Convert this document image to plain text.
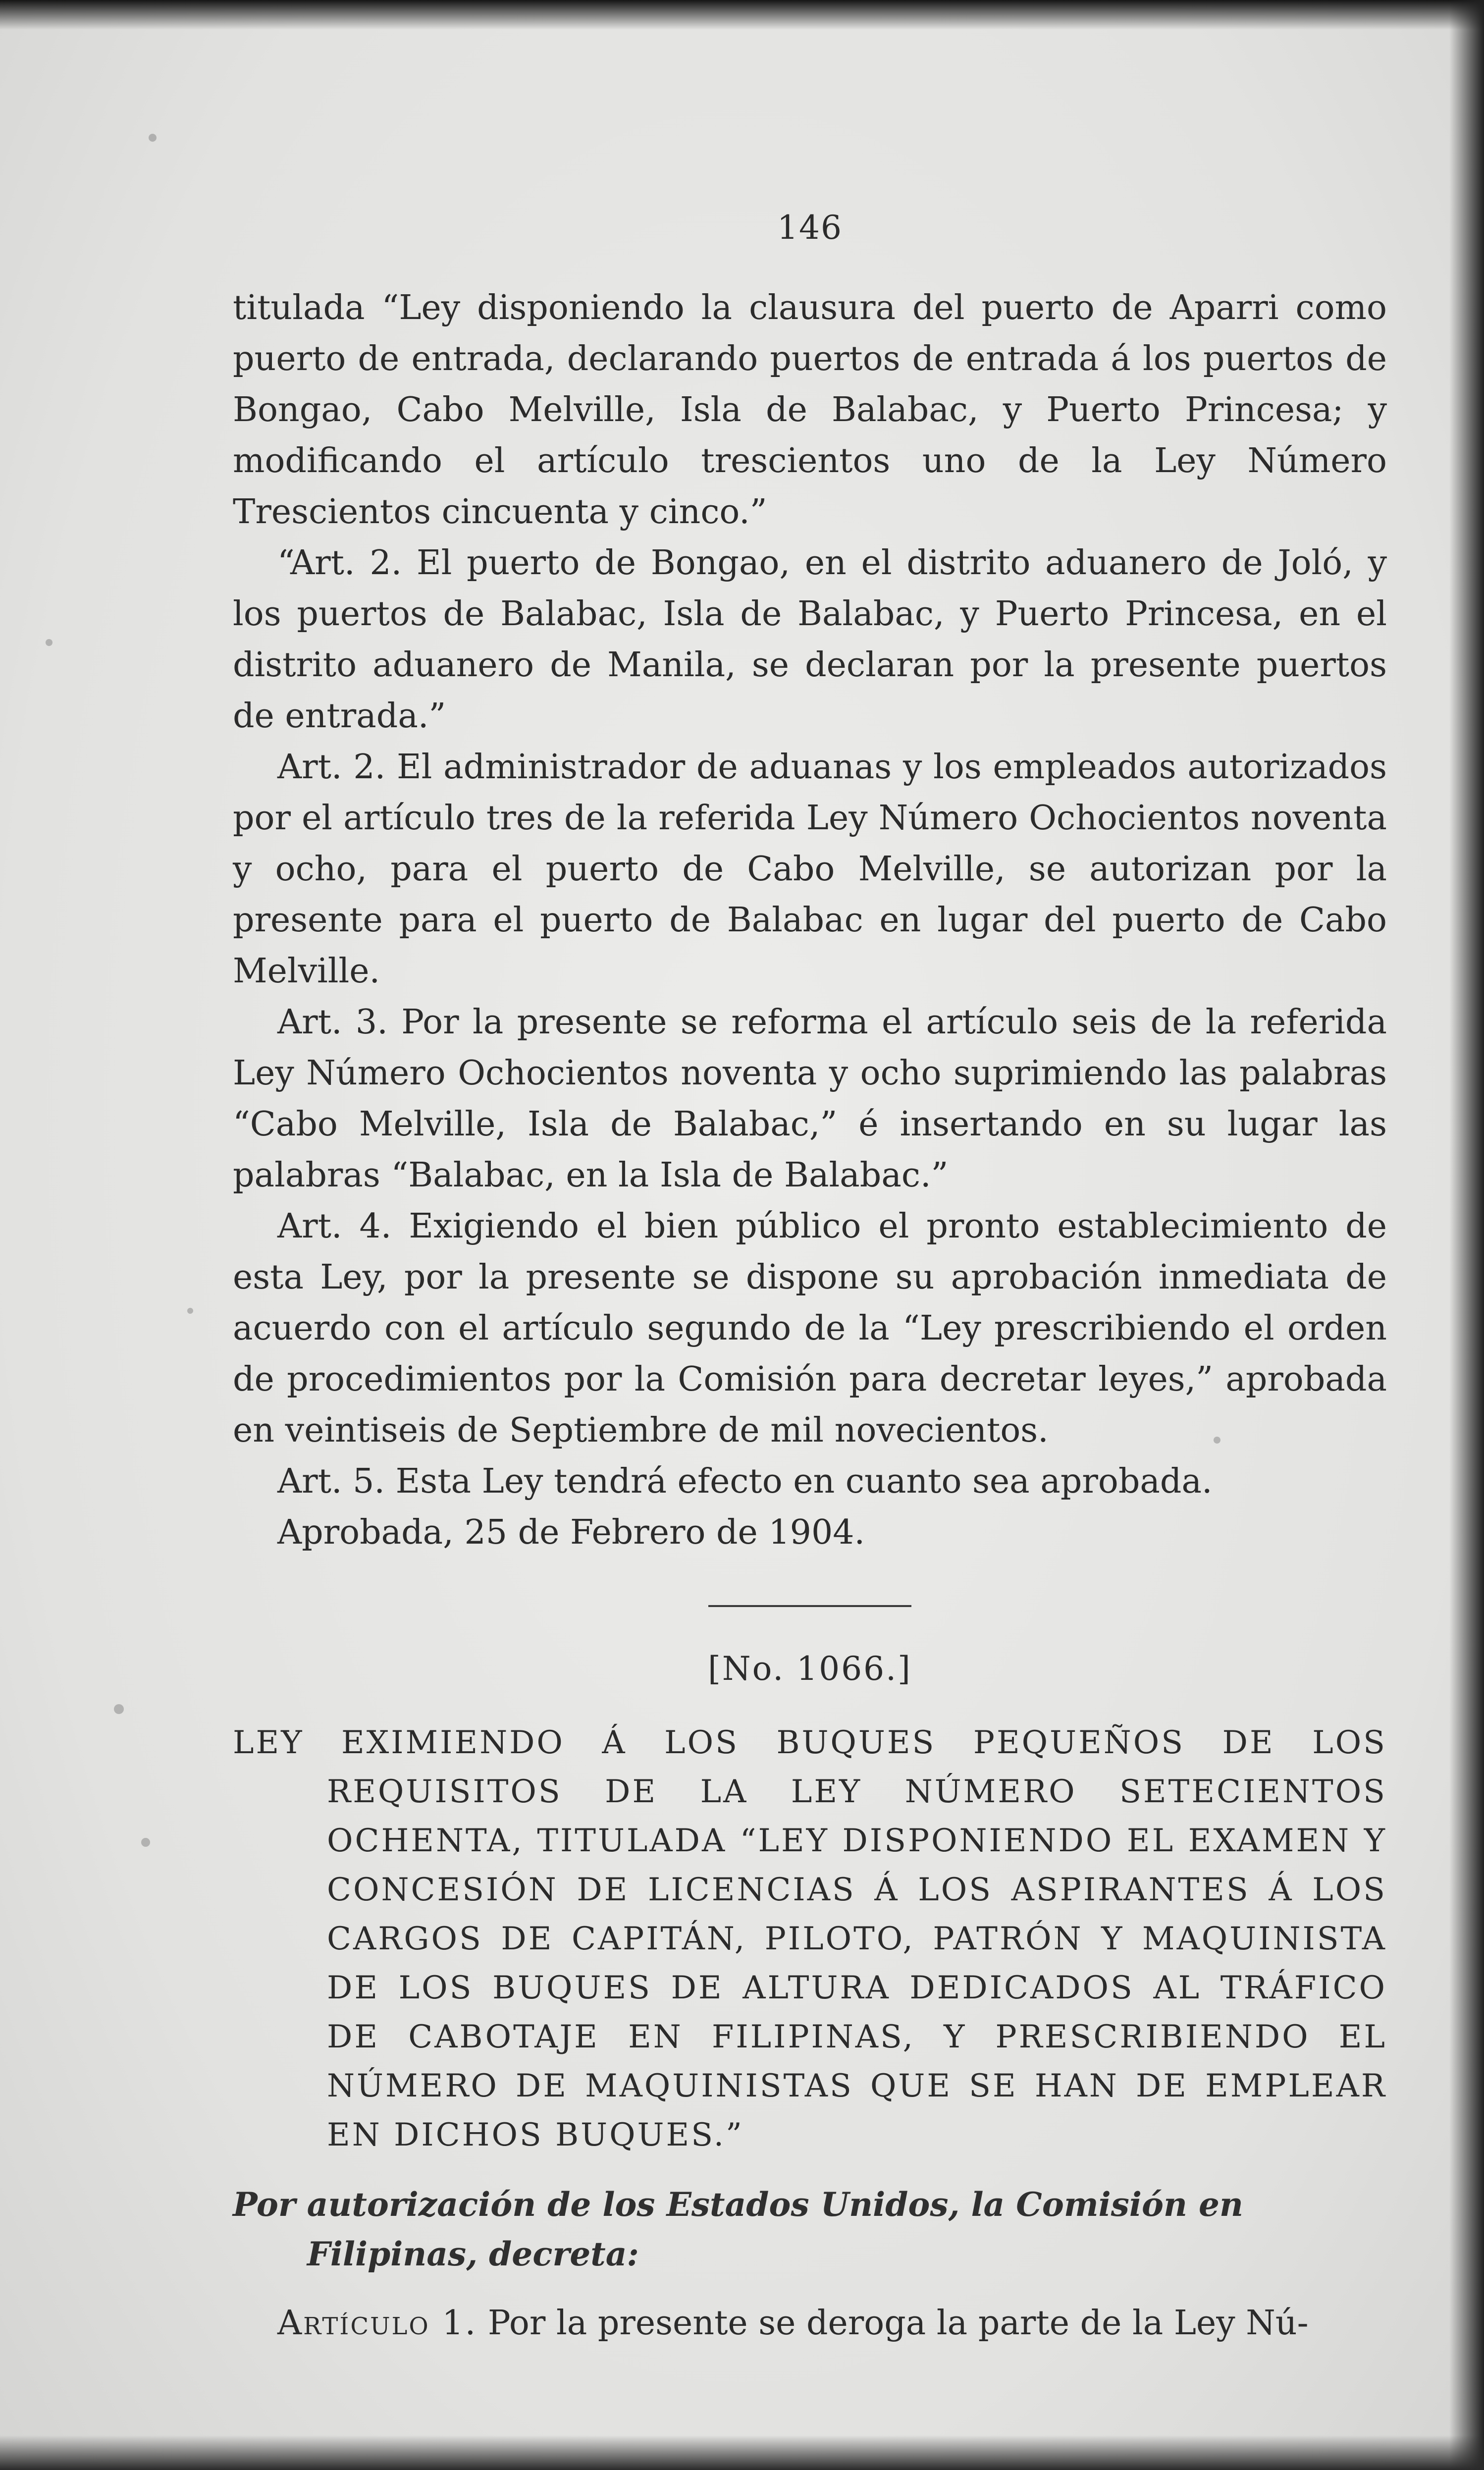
146

titulada “Ley disponiendo la clausura del puerto de Aparri como puerto de entrada, declarando puertos de entrada á los puertos de Bongao, Cabo Melville, Isla de Balabac, y Puerto Princesa; y modificando el artículo trescientos uno de la Ley Número Trescientos cincuenta y cinco.”

“Art. 2. El puerto de Bongao, en el distrito aduanero de Joló, y los puertos de Balabac, Isla de Balabac, y Puerto Princesa, en el distrito aduanero de Manila, se declaran por la presente puertos de entrada.”

Art. 2. El administrador de aduanas y los empleados autorizados por el artículo tres de la referida Ley Número Ochocientos noventa y ocho, para el puerto de Cabo Melville, se autorizan por la presente para el puerto de Balabac en lugar del puerto de Cabo Melville.

Art. 3. Por la presente se reforma el artículo seis de la referida Ley Número Ochocientos noventa y ocho suprimiendo las palabras “Cabo Melville, Isla de Balabac,” é insertando en su lugar las palabras “Balabac, en la Isla de Balabac.”

Art. 4. Exigiendo el bien público el pronto establecimiento de esta Ley, por la presente se dispone su aprobación inmediata de acuerdo con el artículo segundo de la “Ley prescribiendo el orden de procedimientos por la Comisión para decretar leyes,” aprobada en veintiseis de Septiembre de mil novecientos.

Art. 5. Esta Ley tendrá efecto en cuanto sea aprobada.

Aprobada, 25 de Febrero de 1904.

[No. 1066.]

LEY EXIMIENDO Á LOS BUQUES PEQUEÑOS DE LOS REQUISITOS DE LA LEY NÚMERO SETECIENTOS OCHENTA, TITULADA “LEY DISPONIENDO EL EXAMEN Y CONCESIÓN DE LICENCIAS Á LOS ASPIRANTES Á LOS CARGOS DE CAPITÁN, PILOTO, PATRÓN Y MAQUINISTA DE LOS BUQUES DE ALTURA DEDICADOS AL TRÁFICO DE CABOTAJE EN FILIPINAS, Y PRESCRIBIENDO EL NÚMERO DE MAQUINISTAS QUE SE HAN DE EMPLEAR EN DICHOS BUQUES.”

Por autorización de los Estados Unidos, la Comisión en Filipinas, decreta:

Artículo 1. Por la presente se deroga la parte de la Ley Nú-
